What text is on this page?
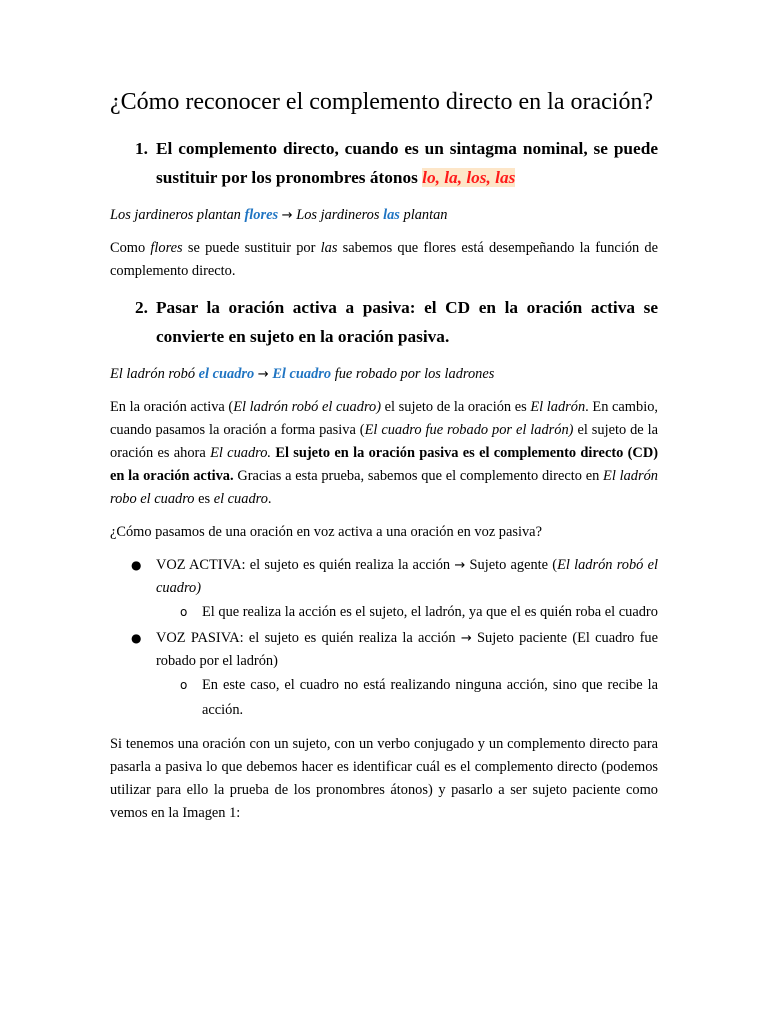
¿Cómo reconocer el complemento directo en la oración?
1. El complemento directo, cuando es un sintagma nominal, se puede sustituir por los pronombres átonos lo, la, los, las

Los jardineros plantan flores → Los jardineros las plantan

Como flores se puede sustituir por las sabemos que flores está desempeñando la función de complemento directo.

2. Pasar la oración activa a pasiva: el CD en la oración activa se convierte en sujeto en la oración pasiva.

El ladrón robó el cuadro → El cuadro fue robado por los ladrones

En la oración activa (El ladrón robó el cuadro) el sujeto de la oración es El ladrón. En cambio, cuando pasamos la oración a forma pasiva (El cuadro fue robado por el ladrón) el sujeto de la oración es ahora El cuadro. El sujeto en la oración pasiva es el complemento directo (CD) en la oración activa. Gracias a esta prueba, sabemos que el complemento directo en El ladrón robo el cuadro es el cuadro.

¿Cómo pasamos de una oración en voz activa a una oración en voz pasiva?

● VOZ ACTIVA: el sujeto es quién realiza la acción → Sujeto agente (El ladrón robó el cuadro)
o El que realiza la acción es el sujeto, el ladrón, ya que el es quién roba el cuadro
● VOZ PASIVA: el sujeto es quién realiza la acción → Sujeto paciente (El cuadro fue robado por el ladrón)
o En este caso, el cuadro no está realizando ninguna acción, sino que recibe la acción.

Si tenemos una oración con un sujeto, con un verbo conjugado y un complemento directo para pasarla a pasiva lo que debemos hacer es identificar cuál es el complemento directo (podemos utilizar para ello la prueba de los pronombres átonos) y pasarlo a ser sujeto paciente como vemos en la Imagen 1:
